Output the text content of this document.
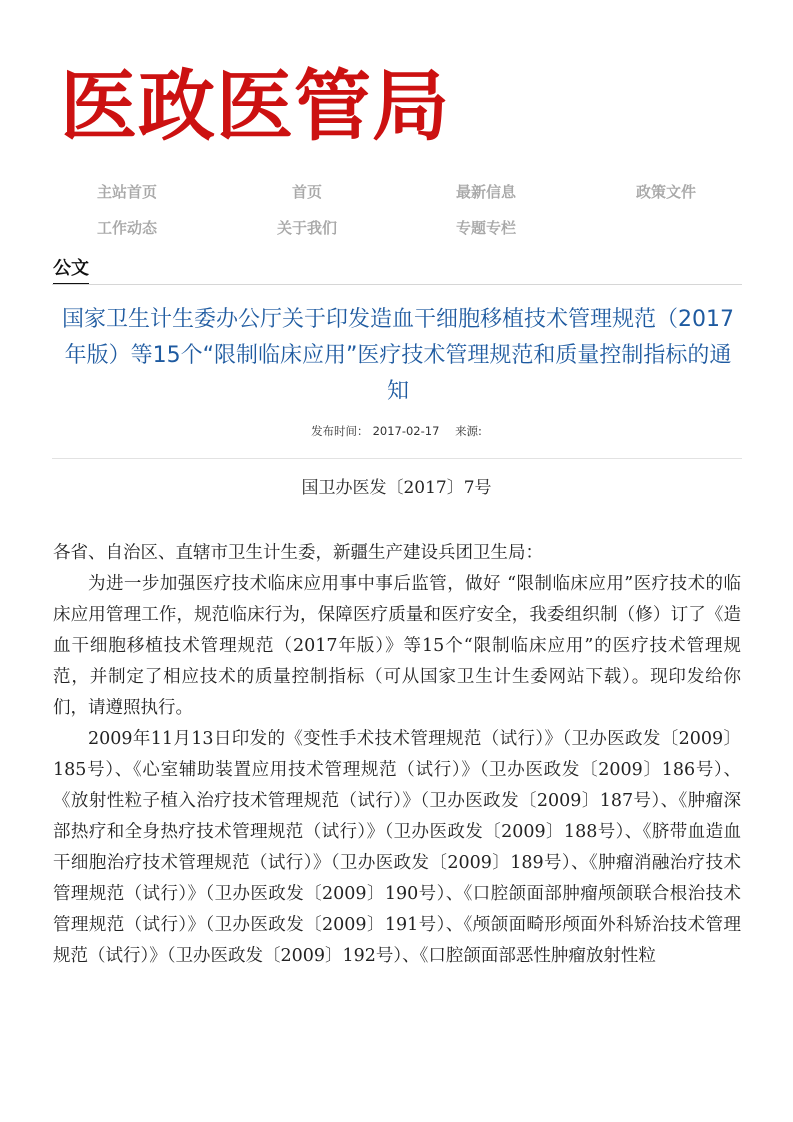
医政医管局
主站首页	首页	最新信息	政策文件
工作动态	关于我们	专题专栏
公文
国家卫生计生委办公厅关于印发造血干细胞移植技术管理规范（2017年版）等15个“限制临床应用”医疗技术管理规范和质量控制指标的通知
发布时间： 2017-02-17 来源:
国卫办医发〔2017〕7号

各省、自治区、直辖市卫生计生委，新疆生产建设兵团卫生局：

为进一步加强医疗技术临床应用事中事后监管，做好 “限制临床应用”医疗技术的临床应用管理工作，规范临床行为，保障医疗质量和医疗安全，我委组织制（修）订了《造血干细胞移植技术管理规范（2017年版）》等15个“限制临床应用”的医疗技术管理规范，并制定了相应技术的质量控制指标（可从国家卫生计生委网站下载）。现印发给你们，请遵照执行。

2009年11月13日印发的《变性手术技术管理规范（试行）》（卫办医政发〔2009〕185号）、《心室辅助装置应用技术管理规范（试行）》（卫办医政发〔2009〕186号）、《放射性粒子植入治疗技术管理规范（试行）》（卫办医政发〔2009〕187号）、《肿瘤深部热疗和全身热疗技术管理规范（试行）》（卫办医政发〔2009〕188号）、《脐带血造血干细胞治疗技术管理规范（试行）》（卫办医政发〔2009〕189号）、《肿瘤消融治疗技术管理规范（试行）》（卫办医政发〔2009〕190号）、《口腔颌面部肿瘤颅颌联合根治技术管理规范（试行）》（卫办医政发〔2009〕191号）、《颅颌面畸形颅面外科矫治技术管理规范（试行）》（卫办医政发〔2009〕192号）、《口腔颌面部恶性肿瘤放射性粒
